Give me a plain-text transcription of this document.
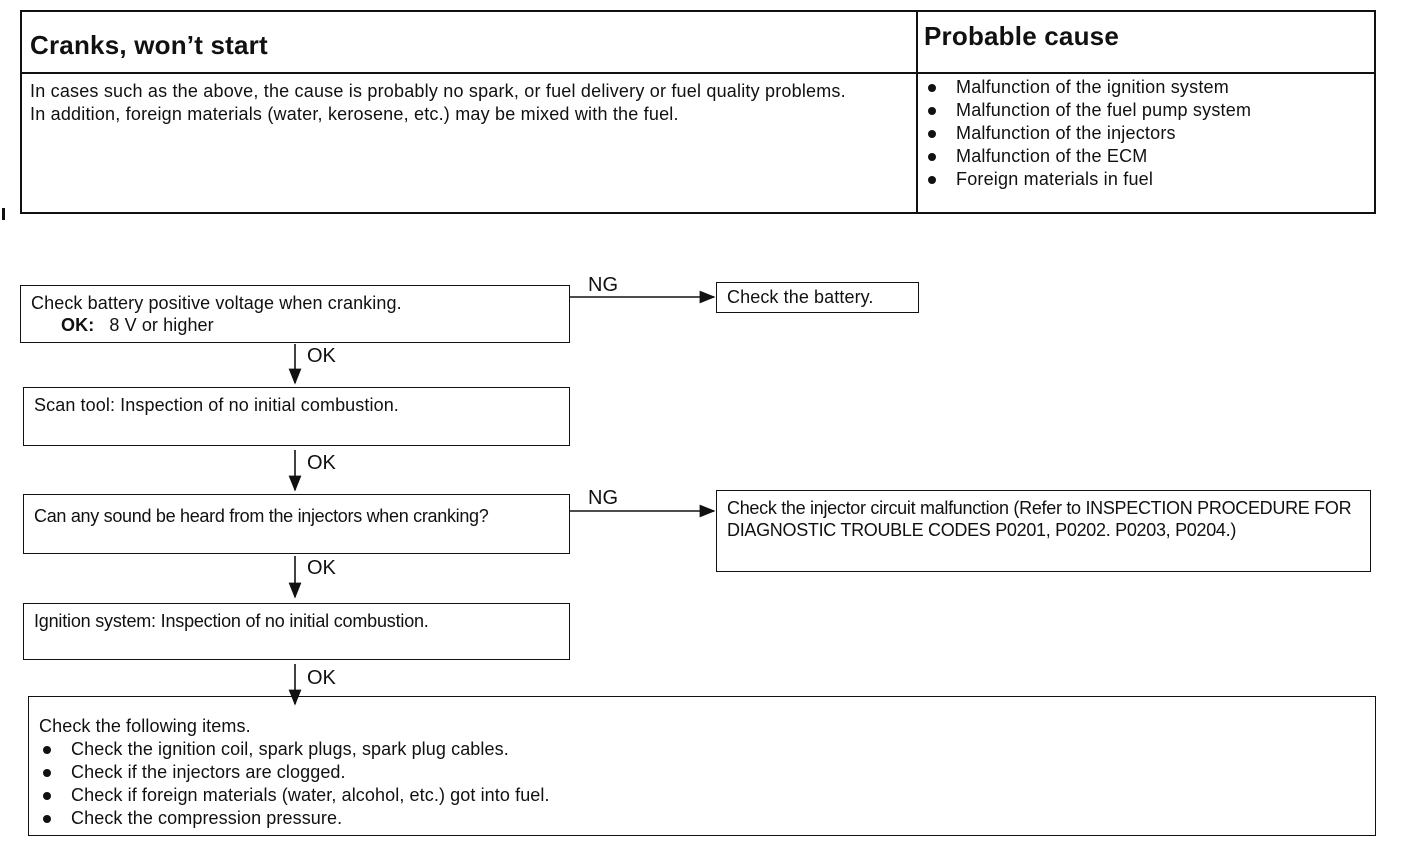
Cranks, won’t start	Probable cause
In cases such as the above, the cause is probably no spark, or fuel delivery or fuel quality problems.
In addition, foreign materials (water, kerosene, etc.) may be mixed with the fuel.
Malfunction of the ignition system
Malfunction of the fuel pump system
Malfunction of the injectors
Malfunction of the ECM
Foreign materials in fuel
Check battery positive voltage when cranking.
OK: 8 V or higher
NG
Check the battery.
OK
Scan tool: Inspection of no initial combustion.
OK
Can any sound be heard from the injectors when cranking?
NG	Check the injector circuit malfunction (Refer to INSPECTION PROCEDURE FOR DIAGNOSTIC TROUBLE CODES P0201, P0202. P0203, P0204.)
OK
Ignition system: Inspection of no initial combustion.
OK
Check the following items.
Check the ignition coil, spark plugs, spark plug cables.
Check if the injectors are clogged.
Check if foreign materials (water, alcohol, etc.) got into fuel.
Check the compression pressure.
